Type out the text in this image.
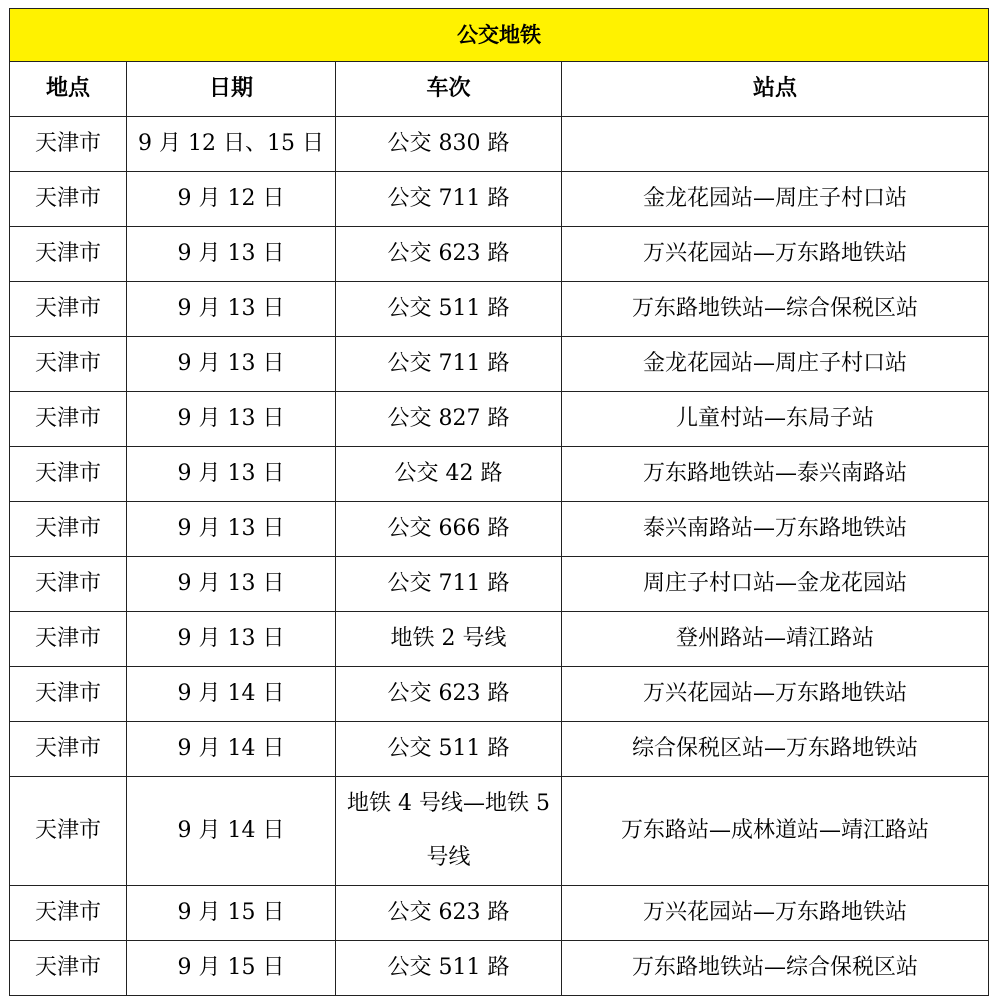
公交地铁			
地点	日期	车次	站点
天津市	9 月 12 日、15 日	公交 830 路	
天津市	9 月 12 日	公交 711 路	金龙花园站—周庄子村口站
天津市	9 月 13 日	公交 623 路	万兴花园站—万东路地铁站
天津市	9 月 13 日	公交 511 路	万东路地铁站—综合保税区站
天津市	9 月 13 日	公交 711 路	金龙花园站—周庄子村口站
天津市	9 月 13 日	公交 827 路	儿童村站—东局子站
天津市	9 月 13 日	公交 42 路	万东路地铁站—泰兴南路站
天津市	9 月 13 日	公交 666 路	泰兴南路站—万东路地铁站
天津市	9 月 13 日	公交 711 路	周庄子村口站—金龙花园站
天津市	9 月 13 日	地铁 2 号线	登州路站—靖江路站
天津市	9 月 14 日	公交 623 路	万兴花园站—万东路地铁站
天津市	9 月 14 日	公交 511 路	综合保税区站—万东路地铁站
天津市	9 月 14 日	地铁 4 号线—地铁 5 号线	万东路站—成林道站—靖江路站
天津市	9 月 15 日	公交 623 路	万兴花园站—万东路地铁站
天津市	9 月 15 日	公交 511 路	万东路地铁站—综合保税区站
